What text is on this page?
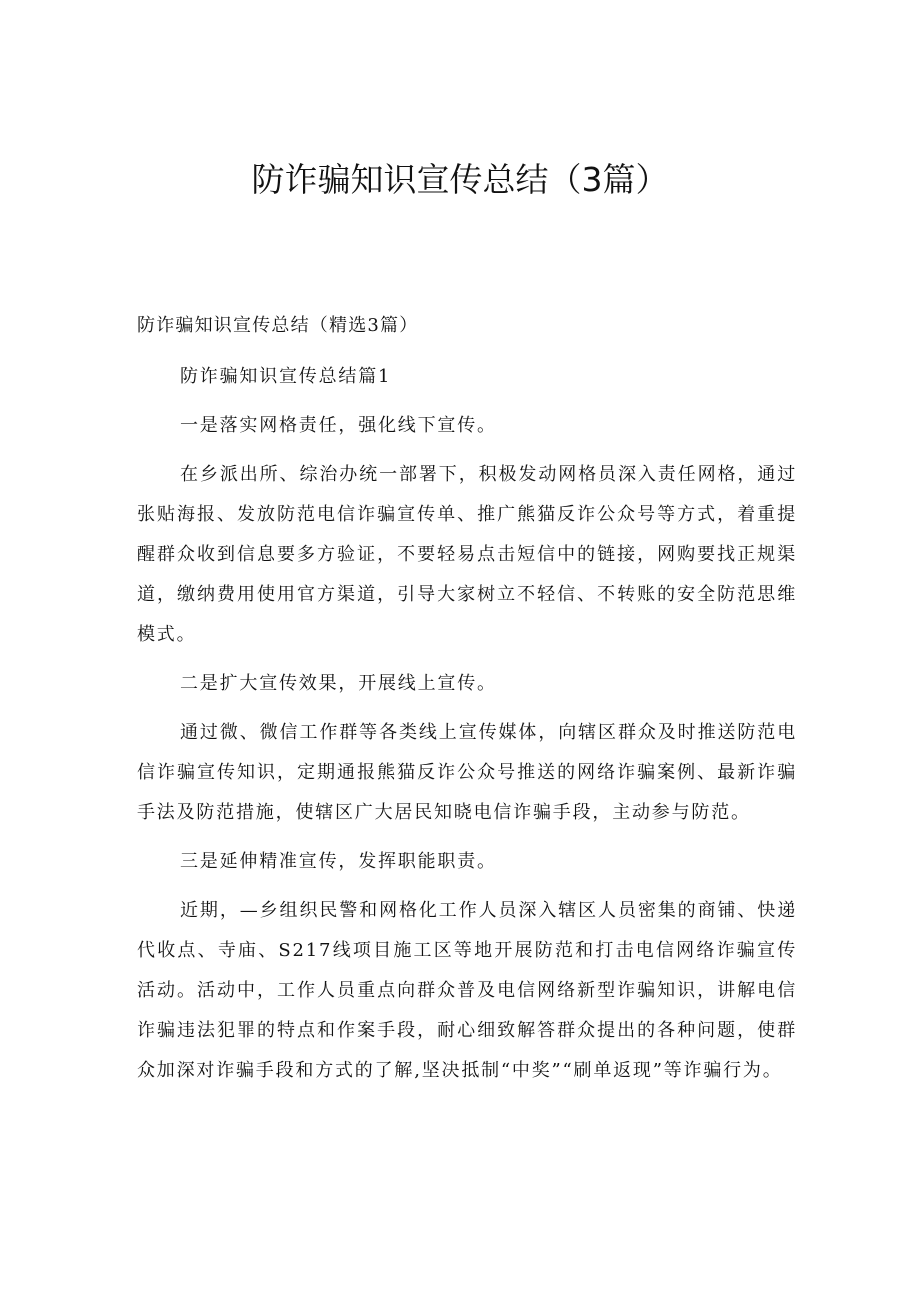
防诈骗知识宣传总结（3篇）

防诈骗知识宣传总结（精选3篇）

防诈骗知识宣传总结篇1

一是落实网格责任，强化线下宣传。

在乡派出所、综治办统一部署下，积极发动网格员深入责任网格，通过张贴海报、发放防范电信诈骗宣传单、推广熊猫反诈公众号等方式，着重提醒群众收到信息要多方验证，不要轻易点击短信中的链接，网购要找正规渠道，缴纳费用使用官方渠道，引导大家树立不轻信、不转账的安全防范思维模式。

二是扩大宣传效果，开展线上宣传。

通过微、微信工作群等各类线上宣传媒体，向辖区群众及时推送防范电信诈骗宣传知识，定期通报熊猫反诈公众号推送的网络诈骗案例、最新诈骗手法及防范措施，使辖区广大居民知晓电信诈骗手段，主动参与防范。

三是延伸精准宣传，发挥职能职责。

近期，—乡组织民警和网格化工作人员深入辖区人员密集的商铺、快递代收点、寺庙、S217线项目施工区等地开展防范和打击电信网络诈骗宣传活动。活动中，工作人员重点向群众普及电信网络新型诈骗知识，讲解电信诈骗违法犯罪的特点和作案手段，耐心细致解答群众提出的各种问题，使群众加深对诈骗手段和方式的了解,坚决抵制“中奖”“刷单返现”等诈骗行为。
